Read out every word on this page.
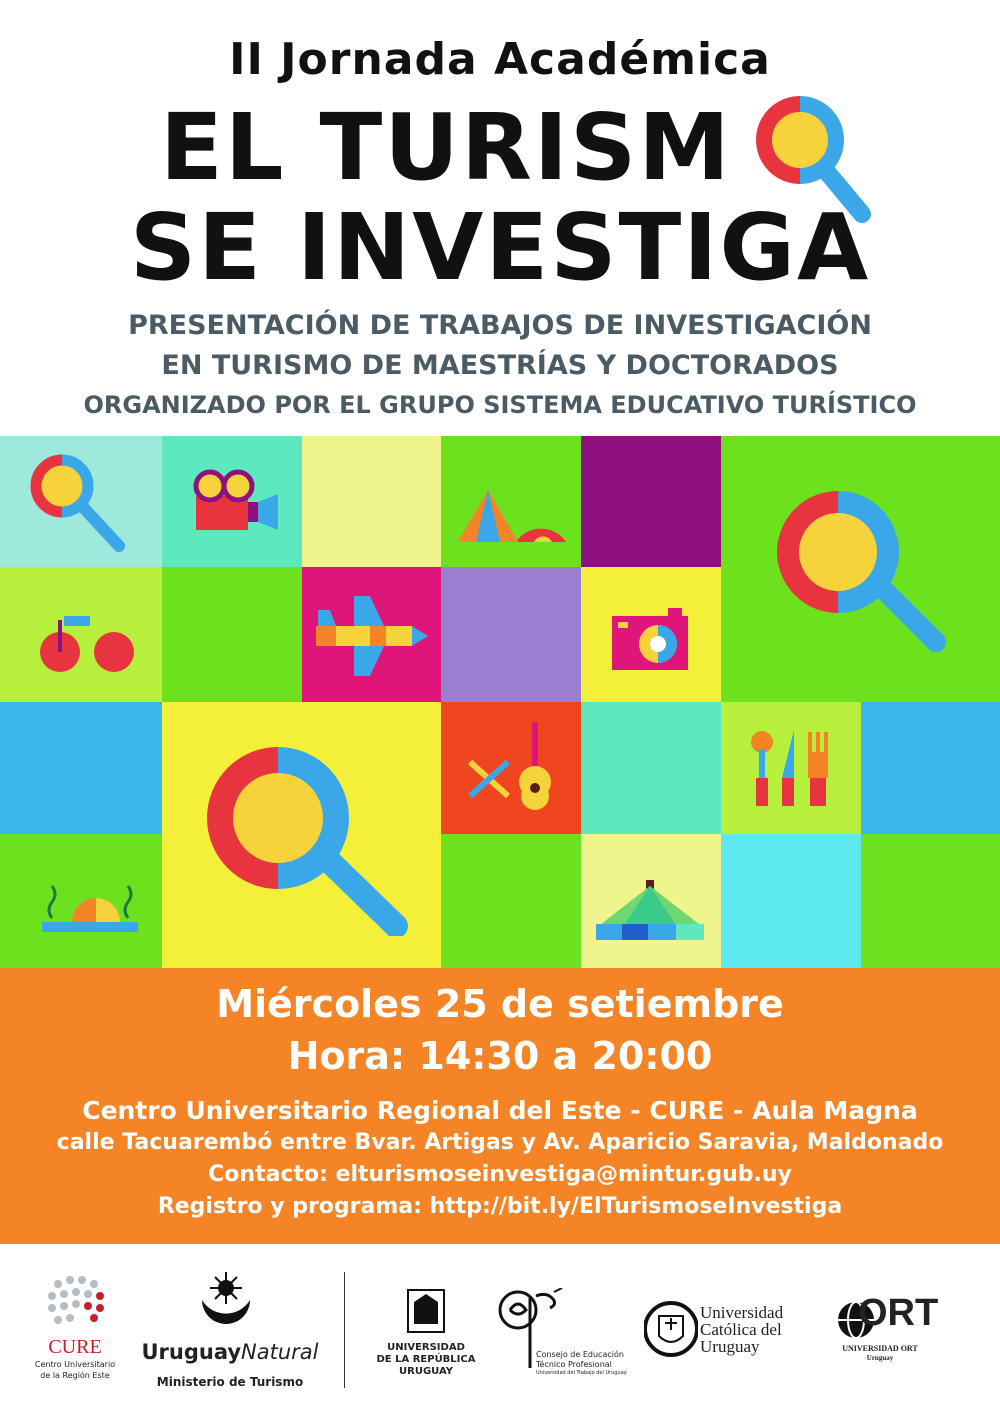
II Jornada Académica
EL TURISM
SE INVESTIGA
PRESENTACIÓN DE TRABAJOS DE INVESTIGACIÓN
EN TURISMO DE MAESTRÍAS Y DOCTORADOS
ORGANIZADO POR EL GRUPO SISTEMA EDUCATIVO TURÍSTICO
Miércoles 25 de setiembre
Hora: 14:30 a 20:00
Centro Universitario Regional del Este - CURE - Aula Magna
calle Tacuarembó entre Bvar. Artigas y Av. Aparicio Saravia, Maldonado
Contacto: elturismoseinvestiga@mintur.gub.uy
Registro y programa: http://bit.ly/ElTurismoseInvestiga
CURE
Centro Universitario
de la Región Este
UruguayNatural
Ministerio de Turismo
UNIVERSIDAD
DE LA REPÚBLICA
URUGUAY
Consejo de Educación
Técnico Profesional
Universidad del Trabajo del Uruguay
Universidad
Católica del
Uruguay
ORT
UNIVERSIDAD ORT
Uruguay
